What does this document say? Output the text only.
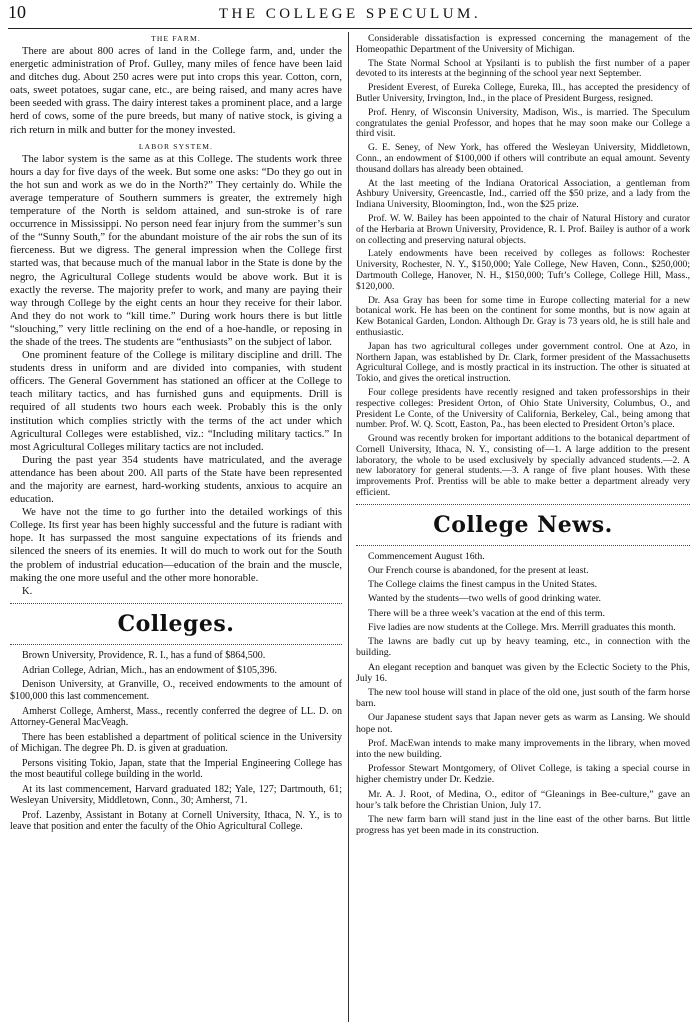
10	THE COLLEGE SPECULUM.
THE FARM.

There are about 800 acres of land in the College farm, and, under the energetic administration of Prof. Gulley, many miles of fence have been laid and ditches dug. About 250 acres were put into crops this year. Cotton, corn, oats, sweet potatoes, sugar cane, etc., are being raised, and many acres have been seeded with grass. The dairy interest takes a prominent place, and a large herd of cows, some of the pure breeds, but many of native stock, is giving a rich return in milk and butter for the money invested.

LABOR SYSTEM.

The labor system is the same as at this College. The students work three hours a day for five days of the week. But some one asks: “Do they go out in the hot sun and work as we do in the North?” They certainly do. While the average temperature of Southern summers is greater, the extremely high temperature of the North is seldom attained, and sun-stroke is of rare occurrence in Mississippi. No person need fear injury from the summer’s sun of the “Sunny South,” for the abundant moisture of the air robs the sun of its fierceness. But we digress. The general impression when the College first started was, that because much of the manual labor in the State is done by the negro, the Agricultural College students would be above work. But it is exactly the reverse. The majority prefer to work, and many are paying their way through College by the eight cents an hour they receive for their labor. And they do not work to “kill time.” During work hours there is but little “slouching,” very little reclining on the end of a hoe-handle, or reposing in the shade of the trees. The students are “enthusiasts” on the subject of labor.

One prominent feature of the College is military discipline and drill. The students dress in uniform and are divided into companies, with student officers. The General Government has stationed an officer at the College to teach military tactics, and has furnished guns and equipments. Drill is required of all students two hours each week. Probably this is the only institution which complies strictly with the terms of the act under which Agricultural Colleges were established, viz.: “Including military tactics.” In most Agricultural Colleges military tactics are not included.

During the past year 354 students have matriculated, and the average attendance has been about 200. All parts of the State have been represented and the majority are earnest, hard-working students, anxious to acquire an education.

We have not the time to go further into the detailed workings of this College. Its first year has been highly successful and the future is radiant with hope. It has surpassed the most sanguine expectations of its friends and silenced the sneers of its enemies. It will do much to work out for the South the problem of industrial education—education of the brain and the muscle, making the one more useful and the other more honorable.

K.

Colleges.

Brown University, Providence, R. I., has a fund of $864,500.

Adrian College, Adrian, Mich., has an endowment of $105,396.

Denison University, at Granville, O., received endowments to the amount of $100,000 this last commencement.

Amherst College, Amherst, Mass., recently conferred the degree of LL. D. on Attorney-General MacVeagh.

There has been established a department of political science in the University of Michigan. The degree Ph. D. is given at graduation.

Persons visiting Tokio, Japan, state that the Imperial Engineering College has the most beautiful college building in the world.

At its last commencement, Harvard graduated 182; Yale, 127; Dartmouth, 61; Wesleyan University, Middletown, Conn., 30; Amherst, 71.

Prof. Lazenby, Assistant in Botany at Cornell University, Ithaca, N. Y., is to leave that position and enter the faculty of the Ohio Agricultural College.

Considerable dissatisfaction is expressed concerning the management of the Homeopathic Department of the University of Michigan.

The State Normal School at Ypsilanti is to publish the first number of a paper devoted to its interests at the beginning of the school year next September.

President Everest, of Eureka College, Eureka, Ill., has accepted the presidency of Butler University, Irvington, Ind., in the place of President Burgess, resigned.

Prof. Henry, of Wisconsin University, Madison, Wis., is married. The Speculum congratulates the genial Professor, and hopes that he may soon make our College a third visit.

G. E. Seney, of New York, has offered the Wesleyan University, Middletown, Conn., an endowment of $100,000 if others will contribute an equal amount. Seventy thousand dollars has already been obtained.

At the last meeting of the Indiana Oratorical Association, a gentleman from Ashbury University, Greencastle, Ind., carried off the $50 prize, and a lady from the Indiana University, Bloomington, Ind., won the $25 prize.

Prof. W. W. Bailey has been appointed to the chair of Natural History and curator of the Herbaria at Brown University, Providence, R. I. Prof. Bailey is author of a work on collecting and preserving natural objects.

Lately endowments have been received by colleges as follows: Rochester University, Rochester, N. Y., $150,000; Yale College, New Haven, Conn., $250,000; Dartmouth College, Hanover, N. H., $150,000; Tuft’s College, College Hill, Mass., $120,000.

Dr. Asa Gray has been for some time in Europe collecting material for a new botanical work. He has been on the continent for some months, but is now again at Kew Botanical Garden, London. Although Dr. Gray is 73 years old, he is still hale and enthusiastic.

Japan has two agricultural colleges under government control. One at Azo, in Northern Japan, was established by Dr. Clark, former president of the Massachusetts Agricultural College, and is mostly practical in its instruction. The other is situated at Tokio, and gives the oretical instruction.

Four college presidents have recently resigned and taken professorships in their respective colleges: President Orton, of Ohio State University, Columbus, O., and President Le Conte, of the University of California, Berkeley, Cal., being among that number. Prof. W. Q. Scott, Easton, Pa., has been elected to President Orton’s place.

Ground was recently broken for important additions to the botanical department of Cornell University, Ithaca, N. Y., consisting of—1. A large addition to the present laboratory, the whole to be used exclusively by specially advanced students.—2. A new laboratory for general students.—3. A range of five plant houses. With these improvements Prof. Prentiss will be able to make better a department already very efficient.

College News.

Commencement August 16th.

Our French course is abandoned, for the present at least.

The College claims the finest campus in the United States.

Wanted by the students—two wells of good drinking water.

There will be a three week’s vacation at the end of this term.

Five ladies are now students at the College. Mrs. Merrill graduates this month.

The lawns are badly cut up by heavy teaming, etc., in connection with the building.

An elegant reception and banquet was given by the Eclectic Society to the Phis, July 16.

The new tool house will stand in place of the old one, just south of the farm horse barn.

Our Japanese student says that Japan never gets as warm as Lansing. We should hope not.

Prof. MacEwan intends to make many improvements in the library, when moved into the new building.

Professor Stewart Montgomery, of Olivet College, is taking a special course in higher chemistry under Dr. Kedzie.

Mr. A. J. Root, of Medina, O., editor of “Gleanings in Bee-culture,” gave an hour’s talk before the Christian Union, July 17.

The new farm barn will stand just in the line east of the other barns. But little progress has yet been made in its construction.
